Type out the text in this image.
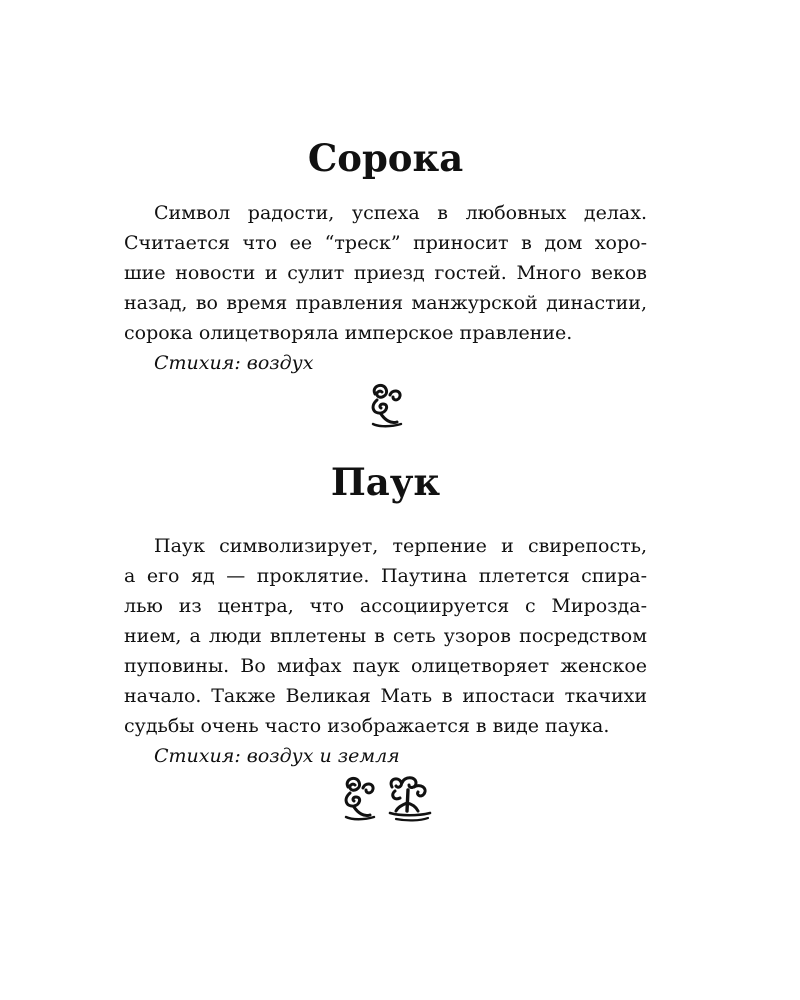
Сорока
Символ радости, успеха в любовных делах.
Считается что ее “треск” приносит в дом хоро-
шие новости и сулит приезд гостей. Много веков
назад, во время правления манжурской династии,
сорока олицетворяла имперское правление.
Стихия: воздух
Паук
Паук символизирует, терпение и свирепость,
а его яд — проклятие. Паутина плетется спира-
лью из центра, что ассоциируется с Мирозда-
нием, а люди вплетены в сеть узоров посредством
пуповины. Во мифах паук олицетворяет женское
начало. Также Великая Мать в ипостаси ткачихи
судьбы очень часто изображается в виде паука.
Стихия: воздух и земля
